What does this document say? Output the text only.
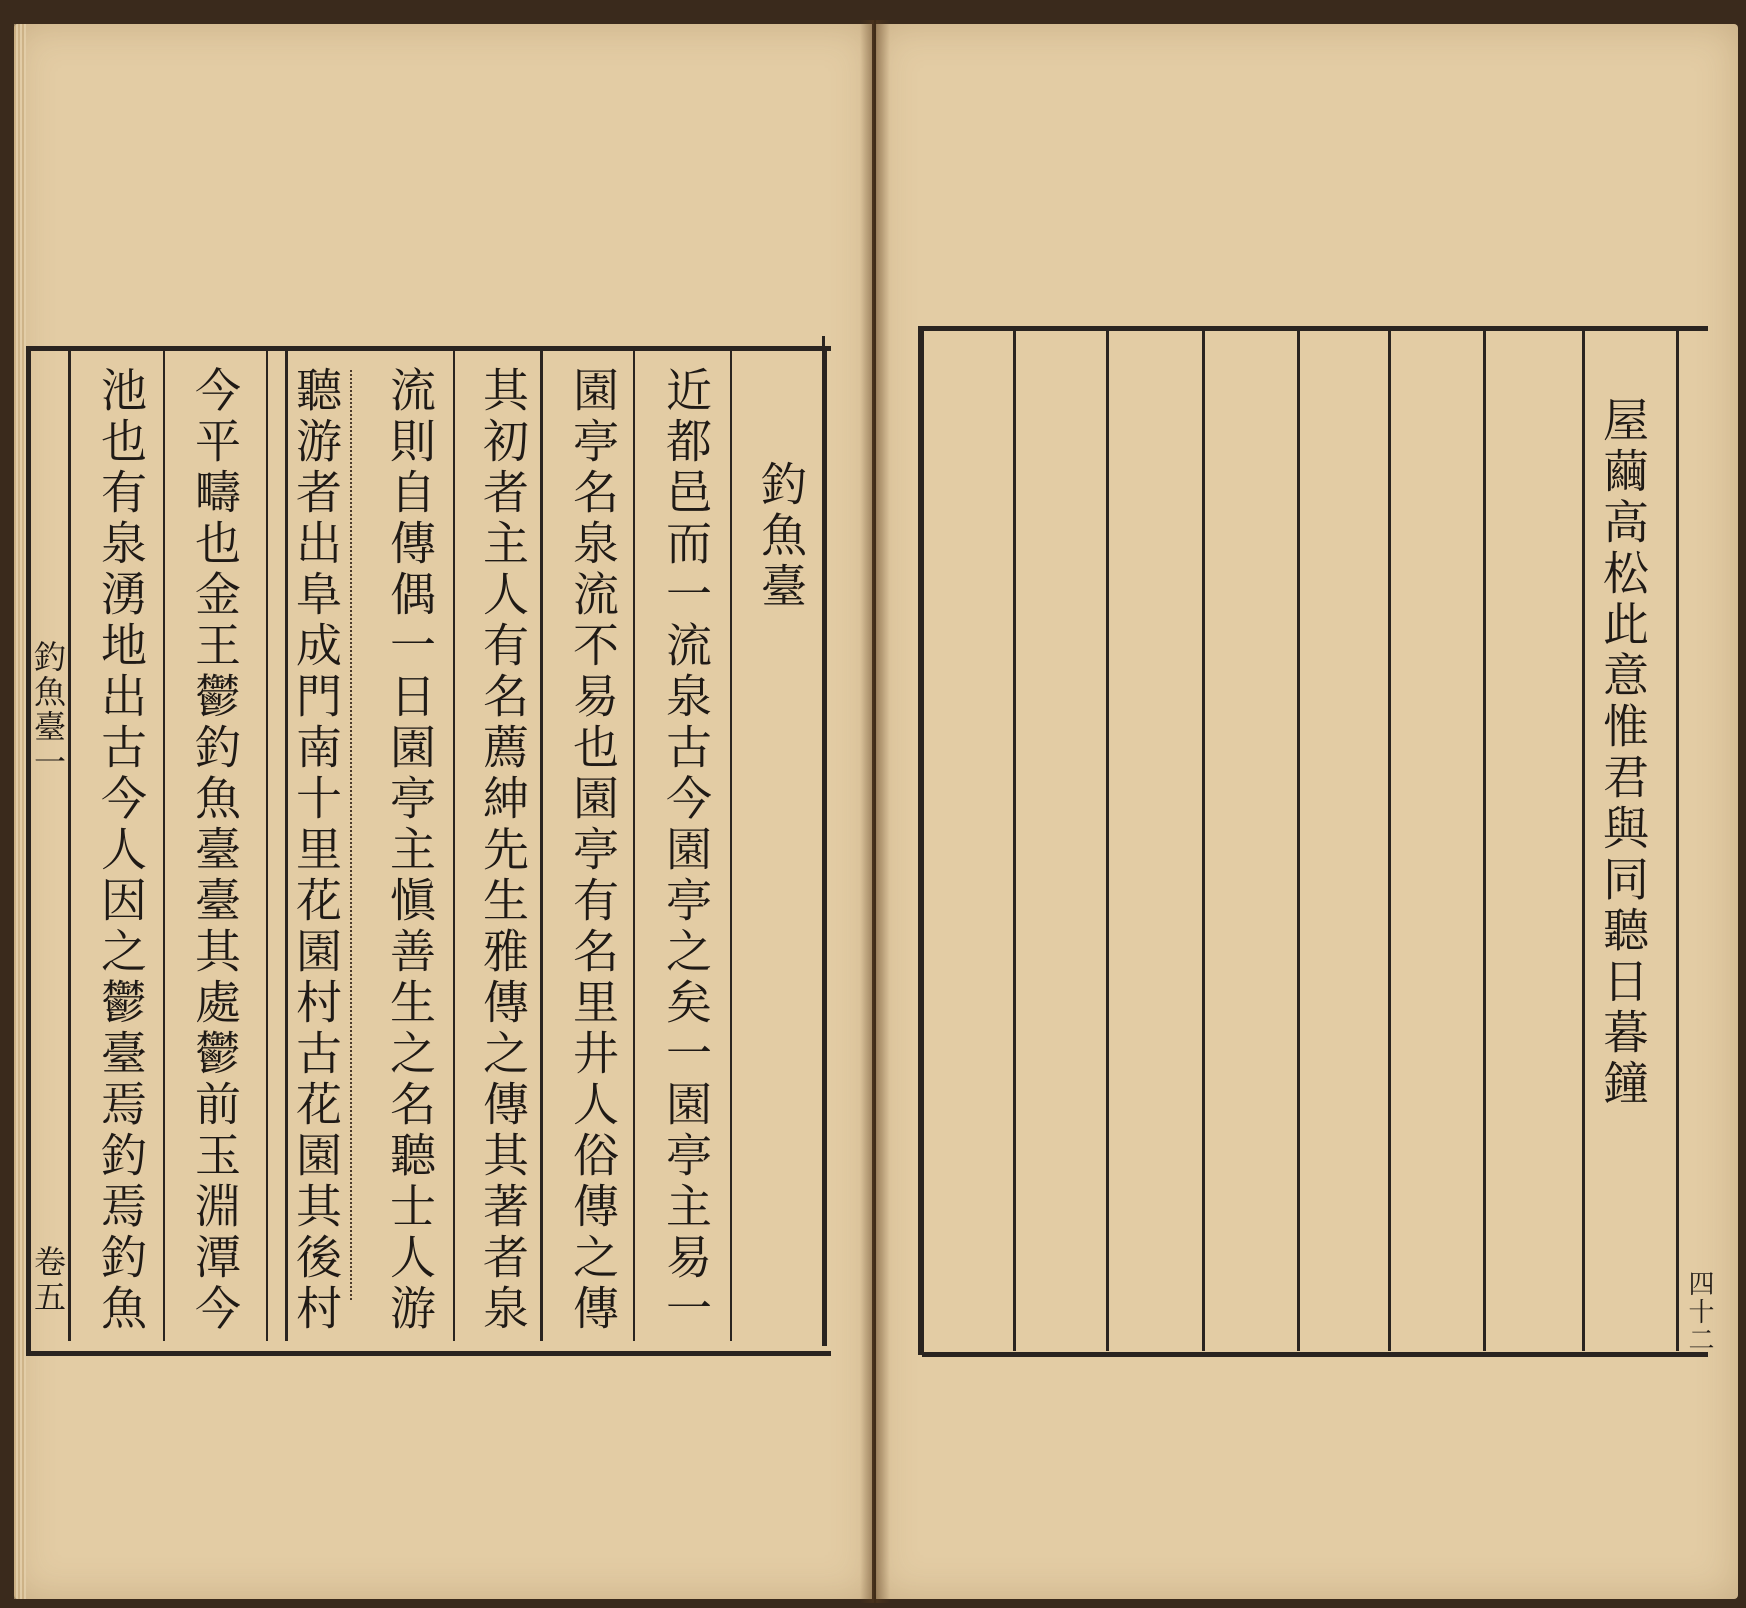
釣魚臺
近都邑而一流泉古今園亭之矣一園亭主易一
園亭名泉流不易也園亭有名里井人俗傳之傳
流則自傳偶一日園亭主愼善生之名聽士人游 其初者主人有名薦紳先生雅傳之傳其著者泉
聽游者出阜成門南十里花園村古花園其後村
今平疇也金王鬱釣魚臺臺其處鬱前玉淵潭今
池也有泉湧地出古今人因之鬱臺焉釣焉釣魚
釣魚臺一
卷五
屋繭高松此意惟君與同聽日暮鐘
四十二
